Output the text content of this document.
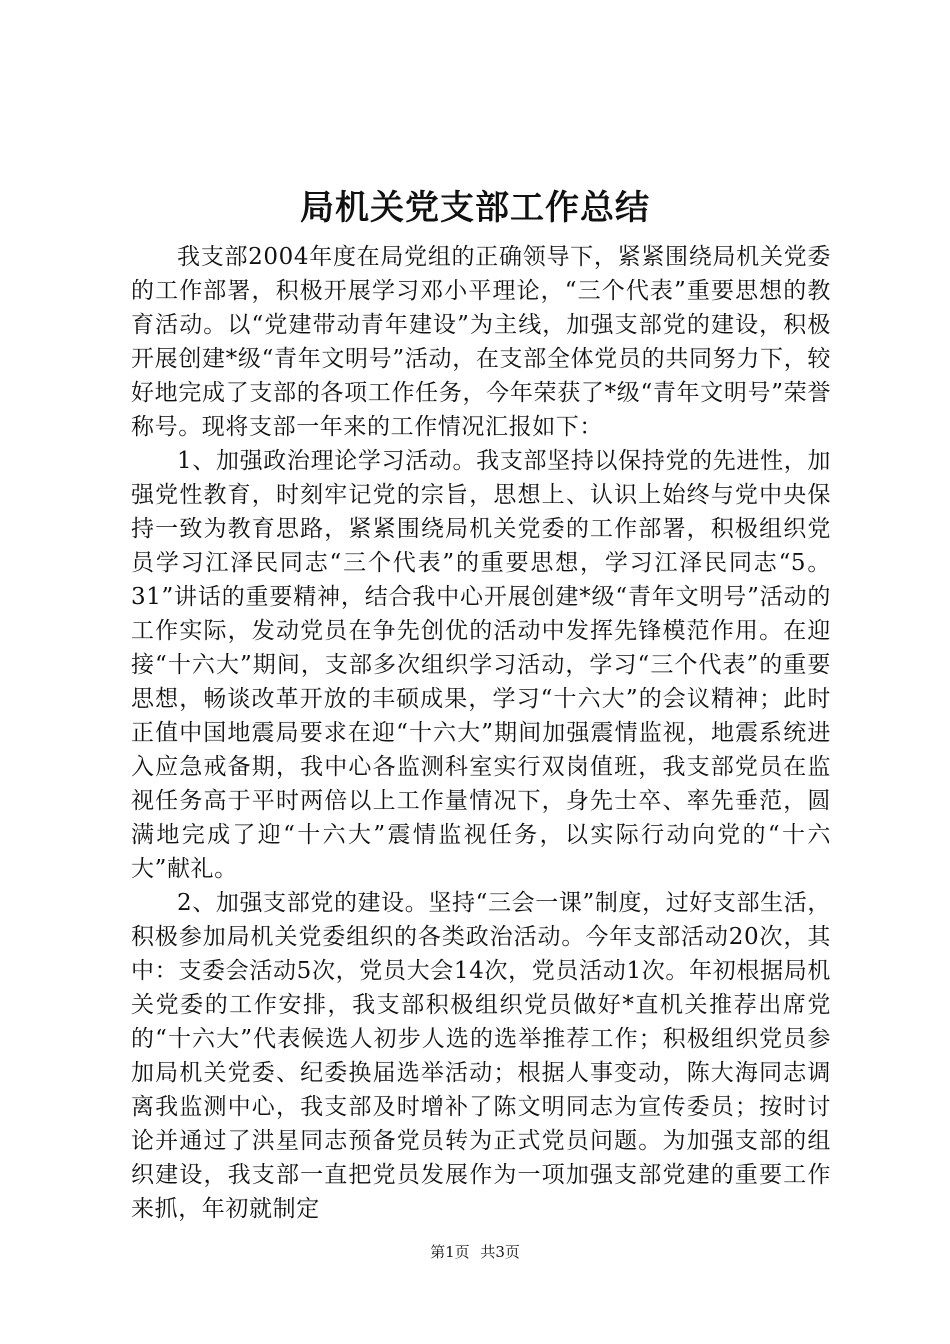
局机关党支部工作总结

我支部2004年度在局党组的正确领导下，紧紧围绕局机关党委的工作部署，积极开展学习邓小平理论，“三个代表”重要思想的教育活动。以“党建带动青年建设”为主线，加强支部党的建设，积极开展创建*级“青年文明号”活动，在支部全体党员的共同努力下，较好地完成了支部的各项工作任务，今年荣获了*级“青年文明号”荣誉称号。现将支部一年来的工作情况汇报如下：

1、加强政治理论学习活动。我支部坚持以保持党的先进性，加强党性教育，时刻牢记党的宗旨，思想上、认识上始终与党中央保持一致为教育思路，紧紧围绕局机关党委的工作部署，积极组织党员学习江泽民同志“三个代表”的重要思想，学习江泽民同志“5。31”讲话的重要精神，结合我中心开展创建*级“青年文明号”活动的工作实际，发动党员在争先创优的活动中发挥先锋模范作用。在迎接“十六大”期间，支部多次组织学习活动，学习“三个代表”的重要思想，畅谈改革开放的丰硕成果，学习“十六大”的会议精神；此时正值中国地震局要求在迎“十六大”期间加强震情监视，地震系统进入应急戒备期，我中心各监测科室实行双岗值班，我支部党员在监视任务高于平时两倍以上工作量情况下，身先士卒、率先垂范，圆满地完成了迎“十六大”震情监视任务，以实际行动向党的“十六大”献礼。

2、加强支部党的建设。坚持“三会一课”制度，过好支部生活，积极参加局机关党委组织的各类政治活动。今年支部活动20次，其中：支委会活动5次，党员大会14次，党员活动1次。年初根据局机关党委的工作安排，我支部积极组织党员做好*直机关推荐出席党的“十六大”代表候选人初步人选的选举推荐工作；积极组织党员参加局机关党委、纪委换届选举活动；根据人事变动，陈大海同志调离我监测中心，我支部及时增补了陈文明同志为宣传委员；按时讨论并通过了洪星同志预备党员转为正式党员问题。为加强支部的组织建设，我支部一直把党员发展作为一项加强支部党建的重要工作来抓，年初就制定

第1页 共3页
